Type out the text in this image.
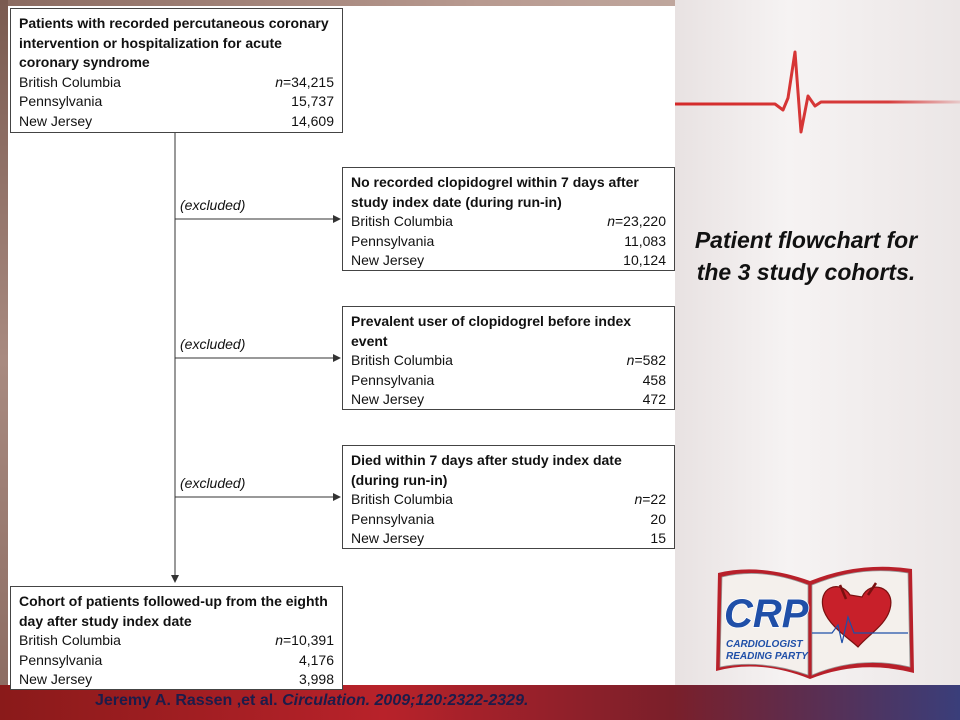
Patients with recorded percutaneous coronary intervention or hospitalization for acute coronary syndrome
British Columbia	n=34,215
Pennsylvania	15,737
New Jersey	14,609
(excluded)
(excluded)
(excluded)
No recorded clopidogrel within 7 days after study index date (during run-in)
British Columbia	n=23,220
Pennsylvania	11,083
New Jersey	10,124
Prevalent user of clopidogrel before index event
British Columbia	n=582
Pennsylvania	458
New Jersey	472
Died within 7 days after study index date (during run-in)
British Columbia	n=22
Pennsylvania	20
New Jersey	15
Cohort of patients followed-up from the eighth day after study index date
British Columbia	n=10,391
Pennsylvania	4,176
New Jersey	3,998
Patient flowchart for the 3 study cohorts.
Jeremy A. Rassen ,et al. Circulation. 2009;120:2322-2329.
CRP
CARDIOLOGIST
READING PARTY
